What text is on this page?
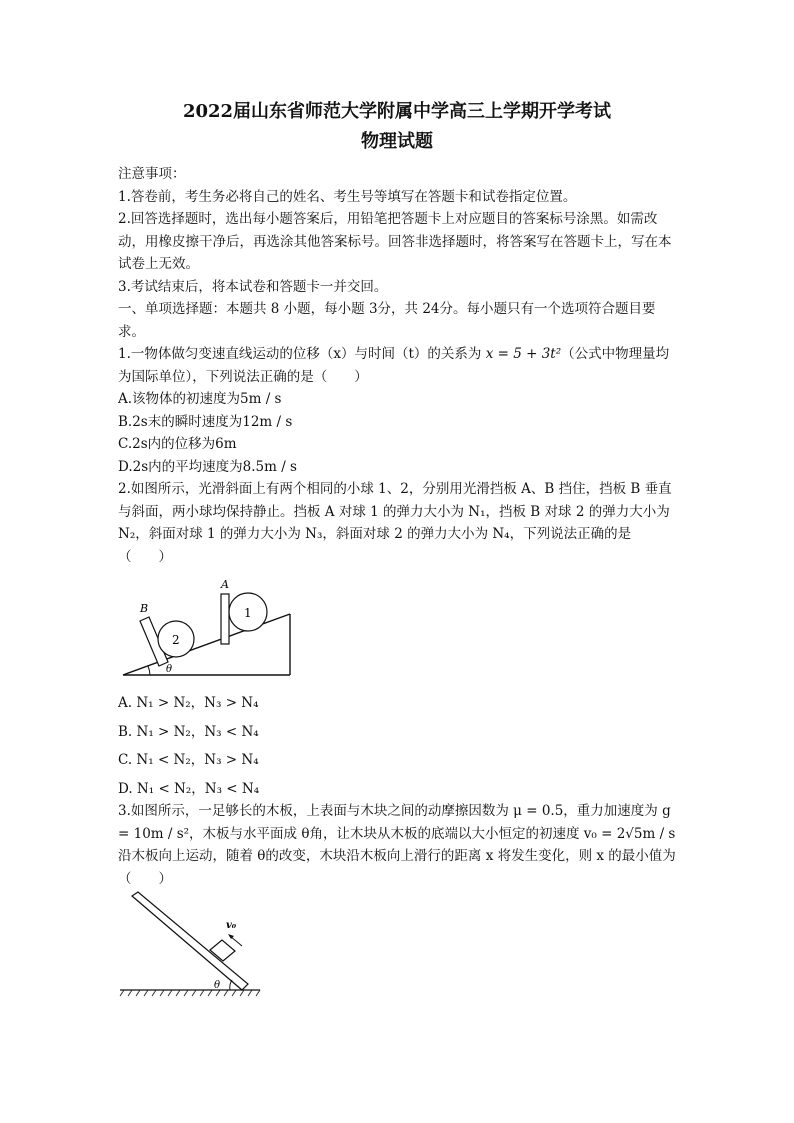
2022届山东省师范大学附属中学高三上学期开学考试
物理试题

注意事项：

1.答卷前，考生务必将自己的姓名、考生号等填写在答题卡和试卷指定位置。

2.回答选择题时，选出每小题答案后，用铅笔把答题卡上对应题目的答案标号涂黑。如需改动，用橡皮擦干净后，再选涂其他答案标号。回答非选择题时，将答案写在答题卡上，写在本试卷上无效。

3.考试结束后，将本试卷和答题卡一并交回。

一、单项选择题：本题共 8 小题，每小题 3分，共 24分。每小题只有一个选项符合题目要求。

1.一物体做匀变速直线运动的位移（x）与时间（t）的关系为 x = 5 + 3t²（公式中物理量均为国际单位），下列说法正确的是（　　）

A.该物体的初速度为5m / s

B.2s末的瞬时速度为12m / s

C.2s内的位移为6m

D.2s内的平均速度为8.5m / s

2.如图所示，光滑斜面上有两个相同的小球 1、2，分别用光滑挡板 A、B 挡住，挡板 B 垂直与斜面，两小球均保持静止。挡板 A 对球 1 的弹力大小为 N₁，挡板 B 对球 2 的弹力大小为 N₂，斜面对球 1 的弹力大小为 N₃，斜面对球 2 的弹力大小为 N₄，下列说法正确的是（　　）

θ
B
2
A
1

A. N₁ > N₂，N₃ > N₄

B. N₁ > N₂，N₃ < N₄

C. N₁ < N₂，N₃ > N₄

D. N₁ < N₂，N₃ < N₄

3.如图所示，一足够长的木板，上表面与木块之间的动摩擦因数为 μ = 0.5，重力加速度为 g = 10m / s²，木板与水平面成 θ角，让木块从木板的底端以大小恒定的初速度 v₀ = 2√5m / s 沿木板向上运动，随着 θ的改变，木块沿木板向上滑行的距离 x 将发生变化，则 x 的最小值为（　　）

v₀
θ
